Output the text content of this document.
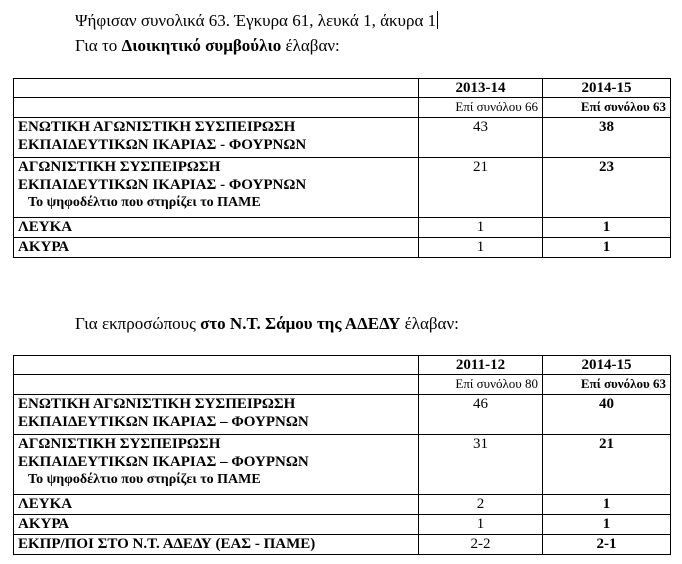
Ψήφισαν συνολικά 63. Έγκυρα 61, λευκά 1, άκυρα 1
Για το Διοικητικό συμβούλιο έλαβαν:
	2013-14	2014-15
	Επί συνόλου 66	Επί συνόλου 63

ΕΝΩΤΙΚΗ ΑΓΩΝΙΣΤΙΚΗ ΣΥΣΠΕΙΡΩΣΗ
ΕΚΠΑΙΔΕΥΤΙΚΩΝ ΙΚΑΡΙΑΣ - ΦΟΥΡΝΩΝ	43	38

ΑΓΩΝΙΣΤΙΚΗ ΣΥΣΠΕΙΡΩΣΗ
ΕΚΠΑΙΔΕΥΤΙΚΩΝ ΙΚΑΡΙΑΣ - ΦΟΥΡΝΩΝ
Το ψηφοδέλτιο που στηρίζει το ΠΑΜΕ	21	23
ΛΕΥΚΑ	1	1
ΑΚΥΡΑ	1	1
Για εκπροσώπους στο Ν.Τ. Σάμου της ΑΔΕΔΥ έλαβαν:
	2011-12	2014-15
	Επί συνόλου 80	Επί συνόλου 63

ΕΝΩΤΙΚΗ ΑΓΩΝΙΣΤΙΚΗ ΣΥΣΠΕΙΡΩΣΗ
ΕΚΠΑΙΔΕΥΤΙΚΩΝ ΙΚΑΡΙΑΣ – ΦΟΥΡΝΩΝ	46	40

ΑΓΩΝΙΣΤΙΚΗ ΣΥΣΠΕΙΡΩΣΗ
ΕΚΠΑΙΔΕΥΤΙΚΩΝ ΙΚΑΡΙΑΣ – ΦΟΥΡΝΩΝ
Το ψηφοδέλτιο που στηρίζει το ΠΑΜΕ	31	21
ΛΕΥΚΑ	2	1
ΑΚΥΡΑ	1	1
ΕΚΠΡ/ΠΟΙ ΣΤΟ Ν.Τ. ΑΔΕΔΥ (ΕΑΣ - ΠΑΜΕ)	2-2	2-1
